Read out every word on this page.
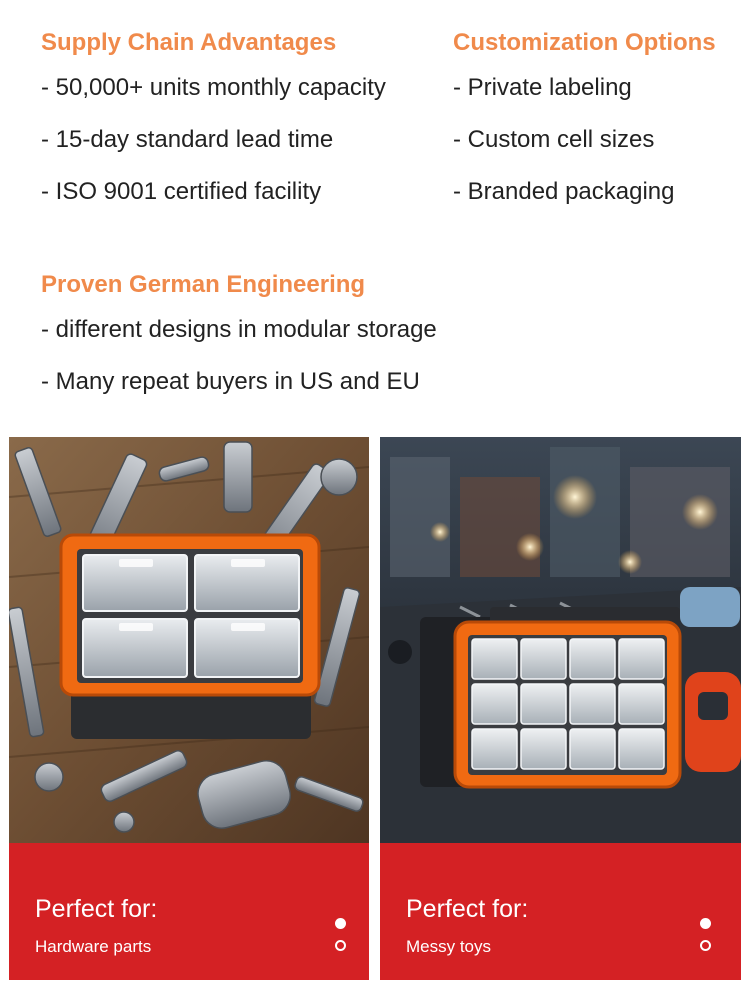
Supply Chain Advantages
- 50,000+ units monthly capacity
- 15-day standard lead time
- ISO 9001 certified facility
Customization Options
- Private labeling
- Custom cell sizes
- Branded packaging
Proven German Engineering
- different designs in modular storage
- Many repeat buyers in US and EU

Perfect for:

Hardware parts

Perfect for:

Messy toys
